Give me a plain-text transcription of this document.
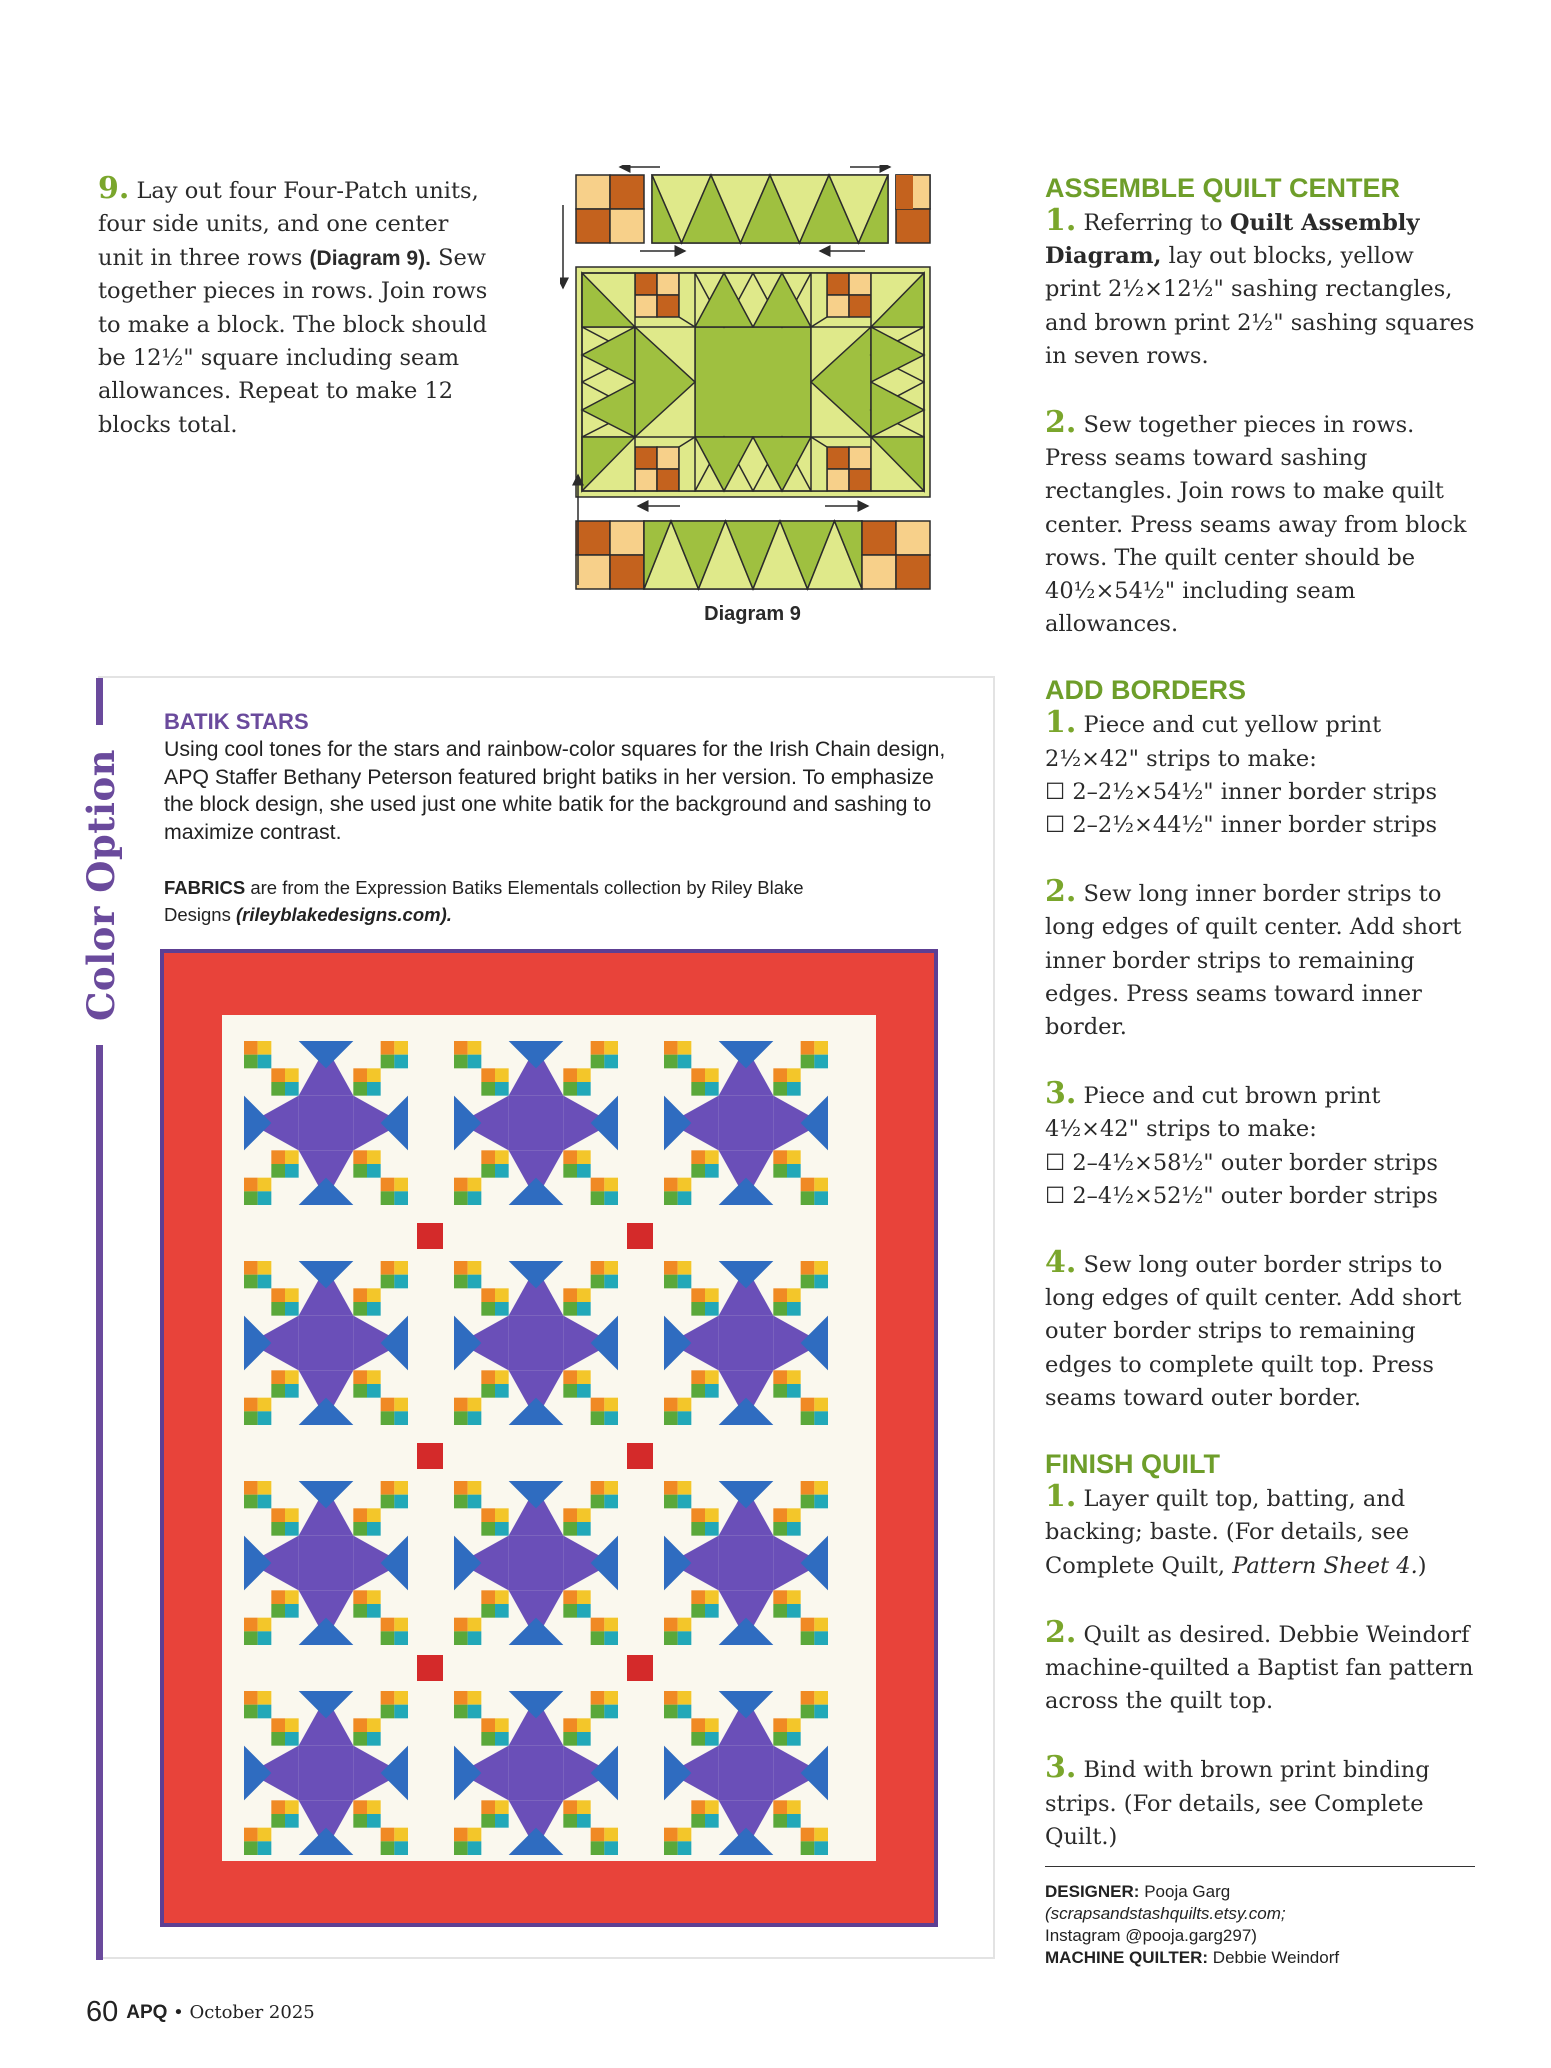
9. Lay out four Four-Patch units, four side units, and one center unit in three rows (Diagram 9). Sew together pieces in rows. Join rows to make a block. The block should be 12½" square including seam allowances. Repeat to make 12 blocks total.
Diagram 9
ASSEMBLE QUILT CENTER
1. Referring to Quilt Assembly Diagram, lay out blocks, yellow print 2½×12½" sashing rectangles, and brown print 2½" sashing squares in seven rows.
2. Sew together pieces in rows. Press seams toward sashing rectangles. Join rows to make quilt center. Press seams away from block rows. The quilt center should be 40½×54½" including seam allowances.
ADD BORDERS
1. Piece and cut yellow print 2½×42" strips to make:
☐ 2–2½×54½" inner border strips
☐ 2–2½×44½" inner border strips
2. Sew long inner border strips to long edges of quilt center. Add short inner border strips to remaining edges. Press seams toward inner border.
3. Piece and cut brown print 4½×42" strips to make:
☐ 2–4½×58½" outer border strips
☐ 2–4½×52½" outer border strips
4. Sew long outer border strips to long edges of quilt center. Add short outer border strips to remaining edges to complete quilt top. Press seams toward outer border.
FINISH QUILT
1. Layer quilt top, batting, and backing; baste. (For details, see Complete Quilt, Pattern Sheet 4.)
2. Quilt as desired. Debbie Weindorf machine-quilted a Baptist fan pattern across the quilt top.
3. Bind with brown print binding strips. (For details, see Complete Quilt.)
DESIGNER: Pooja Garg
(scrapsandstashquilts.etsy.com;
Instagram @pooja.garg297)
MACHINE QUILTER: Debbie Weindorf
Color Option
BATIK STARS
Using cool tones for the stars and rainbow-color squares for the Irish Chain design, APQ Staffer Bethany Peterson featured bright batiks in her version. To emphasize the block design, she used just one white batik for the background and sashing to maximize contrast.
FABRICS are from the Expression Batiks Elementals collection by Riley Blake Designs (rileyblakedesigns.com).
60 APQ • October 2025
